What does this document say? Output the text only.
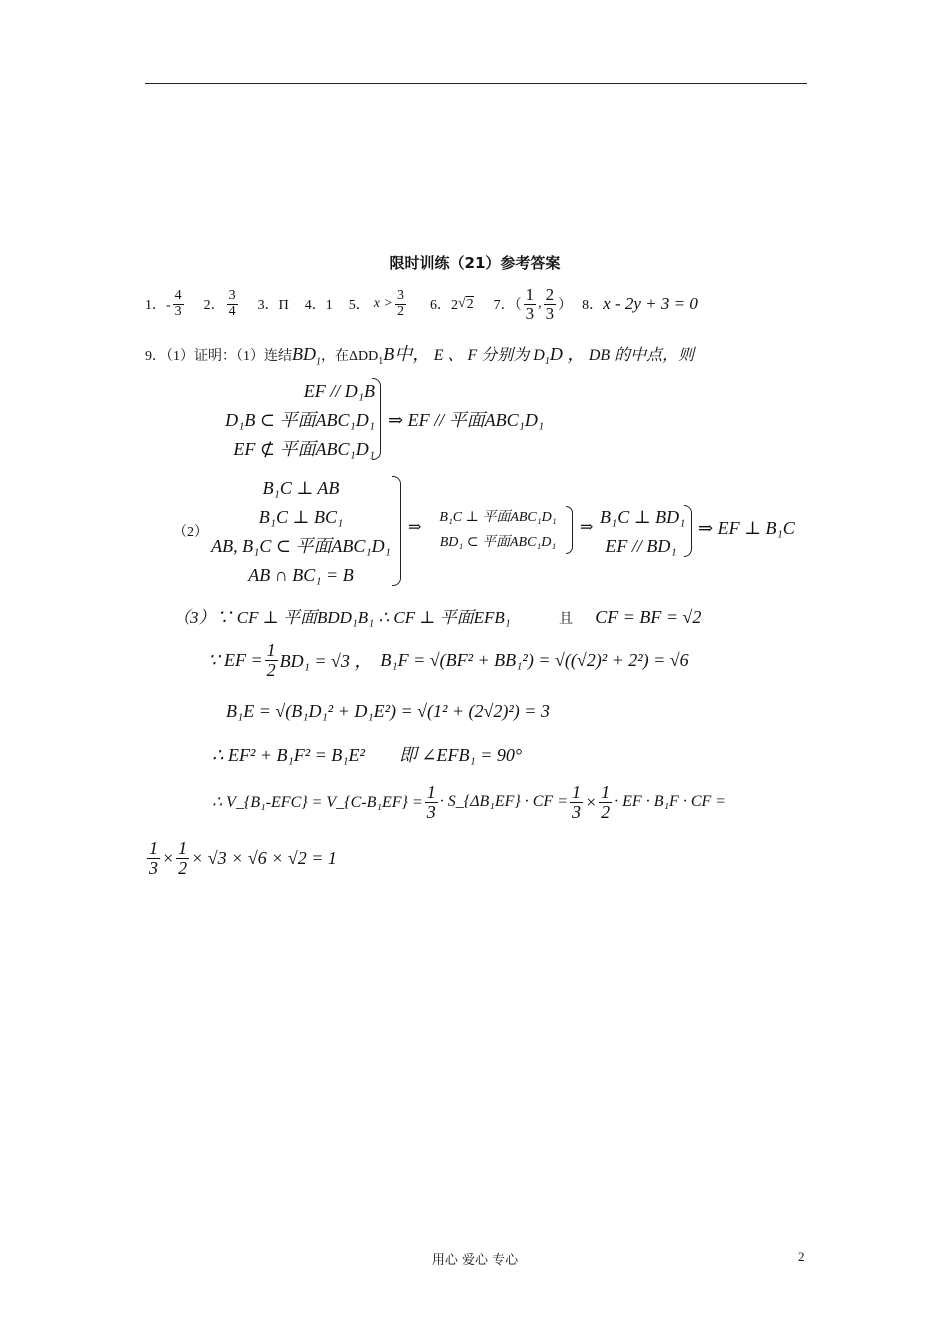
限时训练（21）参考答案
1．- $\frac{4}{3} 2$． $\frac{3}{4} 3$．Π 4．1 5． $x > \frac{3}{2} 6$．2 √ 2 7．（ $\frac{1}{3}$ , $\frac{2}{3}$ ） 8． x - 2y + 3 = 0
9．（1）证明：（1）连结$BD_1$，在$\Delta DD_1B$中， E 、 F 分别为 $D_1D$ ， DB 的中点，则
EF // D₁B
D₁B ⊂ 平面ABC₁D₁
EF ⊄ 平面ABC₁D₁
⇒ EF // 平面ABC₁D₁
（2）
B₁C ⊥ AB
B₁C ⊥ BC₁
AB, B₁C ⊂ 平面ABC₁D₁
AB ∩ BC₁ = B
⇒
B₁C ⊥ 平面ABC₁D₁
BD₁ ⊂ 平面ABC₁D₁
⇒
B₁C ⊥ BD₁
EF // BD₁
⇒ EF ⊥ B₁C
（3）∵ CF ⊥ 平面BDD₁B₁ ∴ CF ⊥ 平面EFB₁	且 CF = BF = √2
∵ EF = $\frac{1}{2} BD_1 = √3$ ， B₁F = √(BF² + BB₁²) = √((√2)² + 2²) = √6
B₁E = √(B₁D₁² + D₁E²) = √(1² + (2√2)²) = 3
∴ EF² + B₁F² = B₁E² 即 ∠EFB₁ = 90°
∴ V_{B₁-EFC} = V_{C-B₁EF} = $\frac{1}{3}$ · S_{ΔB₁EF} · CF = $\frac{1}{3} \times \frac{1}{2}$ · EF · B₁F · CF =
$\frac{1}{3} \times \frac{1}{2} \times √3 \times √6 \times √2 = 1$
用心 爱心 专心	2
